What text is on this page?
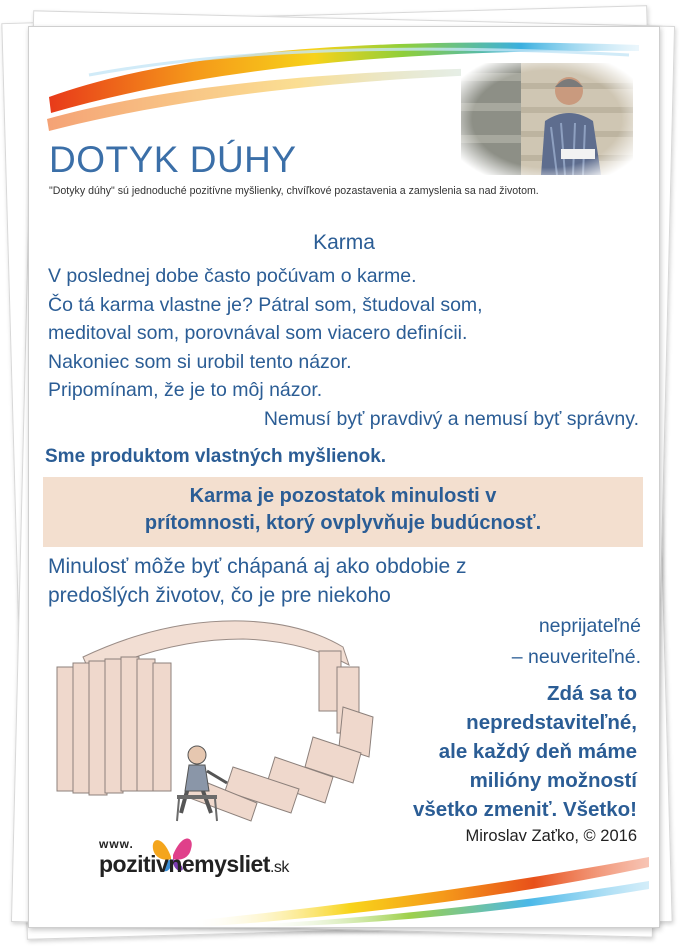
DOTYK DÚHY
"Dotyky dúhy" sú jednoduché pozitívne myšlienky, chvíľkové pozastavenia a zamyslenia sa nad životom.
Karma
V poslednej dobe často počúvam o karme.
Čo tá karma vlastne je? Pátral som, študoval som,
meditoval som, porovnával som viacero definícii.
Nakoniec som si urobil tento názor.
Pripomínam, že je to môj názor.
Nemusí byť pravdivý a nemusí byť správny.
Sme produktom vlastných myšlienok.
Karma je pozostatok minulosti v
prítomnosti, ktorý ovplyvňuje budúcnosť.
Minulosť môže byť chápaná aj ako obdobie z
predošlých životov, čo je pre niekoho
neprijateľné
– neuveriteľné.
Zdá sa to
nepredstaviteľné,
ale každý deň máme
milióny možností
všetko zmeniť. Všetko!
Miroslav Zaťko, © 2016
www.
pozitivnemysliet.sk
